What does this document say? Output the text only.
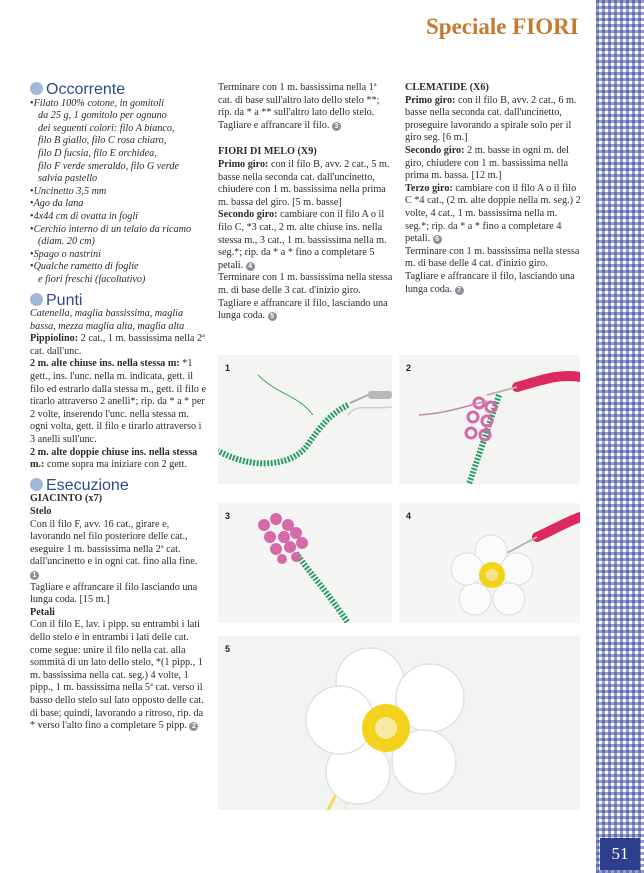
51
Speciale FIORI
Occorrente
• Filato 100% cotone, in gomitoli
da 25 g, 1 gomitolo per ognuno
dei seguenti colori: filo A bianco,
filo B giallo, filo C rosa chiaro,
filo D fucsia, filo E orchidea,
filo F verde smeraldo, filo G verde
salvia pastello
• Uncinetto 3,5 mm
• Ago da lana
• 4x44 cm di ovatta in fogli
• Cerchio interno di un telaio da ricamo
(diam. 20 cm)
• Spago o nastrini
• Qualche rametto di foglie
e fiori freschi (facoltativo)
Punti

Catenella, maglia bassissima, maglia bassa, mezza maglia alta, maglia alta

Pippiolino: 2 cat., 1 m. bassissima nella 2ª cat. dall'unc.

2 m. alte chiuse ins. nella stessa m: *1 gett., ins. l'unc. nella m. indicata, gett. il filo ed estrarlo dalla stessa m., gett. il filo e tirarlo attraverso 2 anelli*; rip. da * a * per 2 volte, inserendo l'unc. nella stessa m. ogni volta, gett. il filo e tirarlo attraverso i 3 anelli sull'unc.

2 m. alte doppie chiuse ins. nella stessa m.: come sopra ma iniziare con 2 gett.

Esecuzione

GIACINTO (x7)

Stelo

Con il filo F, avv. 16 cat., girare e, lavorando nel filo posteriore delle cat., eseguire 1 m. bassissima nella 2ª cat. dall'uncinetto e in ogni cat. fino alla fine. 1

Tagliare e affrancare il filo lasciando una lunga coda. [15 m.]

Petali

Con il filo E, lav. i pipp. su entrambi i lati dello stelo e in entrambi i lati delle cat. come segue: unire il filo nella cat. alla sommità di un lato dello stelo, *(1 pipp., 1 m. bassissima nella cat. seg.) 4 volte, 1 pipp., 1 m. bassissima nella 5ª cat. verso il basso dello stelo sul lato opposto delle cat. di base; quindi, lavorando a ritroso, rip. da * verso l'alto fino a completare 5 pipp. 2

Terminare con 1 m. bassissima nella 1ª cat. di base sull'altro lato dello stelo **; rip. da * a ** sull'altro lato dello stelo. Tagliare e affrancare il filo. 3

FIORI DI MELO (X9)

Primo giro: con il filo B, avv. 2 cat., 5 m. basse nella seconda cat. dall'uncinetto, chiudere con 1 m. bassissima nella prima m. bassa del giro. [5 m. basse]

Secondo giro: cambiare con il filo A o il filo C, *3 cat., 2 m. alte chiuse ins. nella stessa m., 3 cat., 1 m. bassissima nella m. seg.*; rip. da * a * fino a completare 5 petali. 4

Terminare con 1 m. bassissima nella stessa m. di base delle 3 cat. d'inizio giro. Tagliare e affrancare il filo, lasciando una lunga coda. 5

CLEMATIDE (X6)

Primo giro: con il filo B, avv. 2 cat., 6 m. basse nella seconda cat. dall'uncinetto, proseguire lavorando a spirale solo per il giro seg. [6 m.]

Secondo giro: 2 m. basse in ogni m. del giro, chiudere con 1 m. bassissima nella prima m. bassa. [12 m.]

Terzo giro: cambiare con il filo A o il filo C *4 cat., (2 m. alte doppie nella m. seg.) 2 volte, 4 cat., 1 m. bassissima nella m. seg.*; rip. da * a * fino a completare 4 petali. 6

Terminare con 1 m. bassissima nella stessa m. di base delle 4 cat. d'inizio giro.

Tagliare e affrancare il filo, lasciando una lunga coda. 7

1	2
3	4
5
